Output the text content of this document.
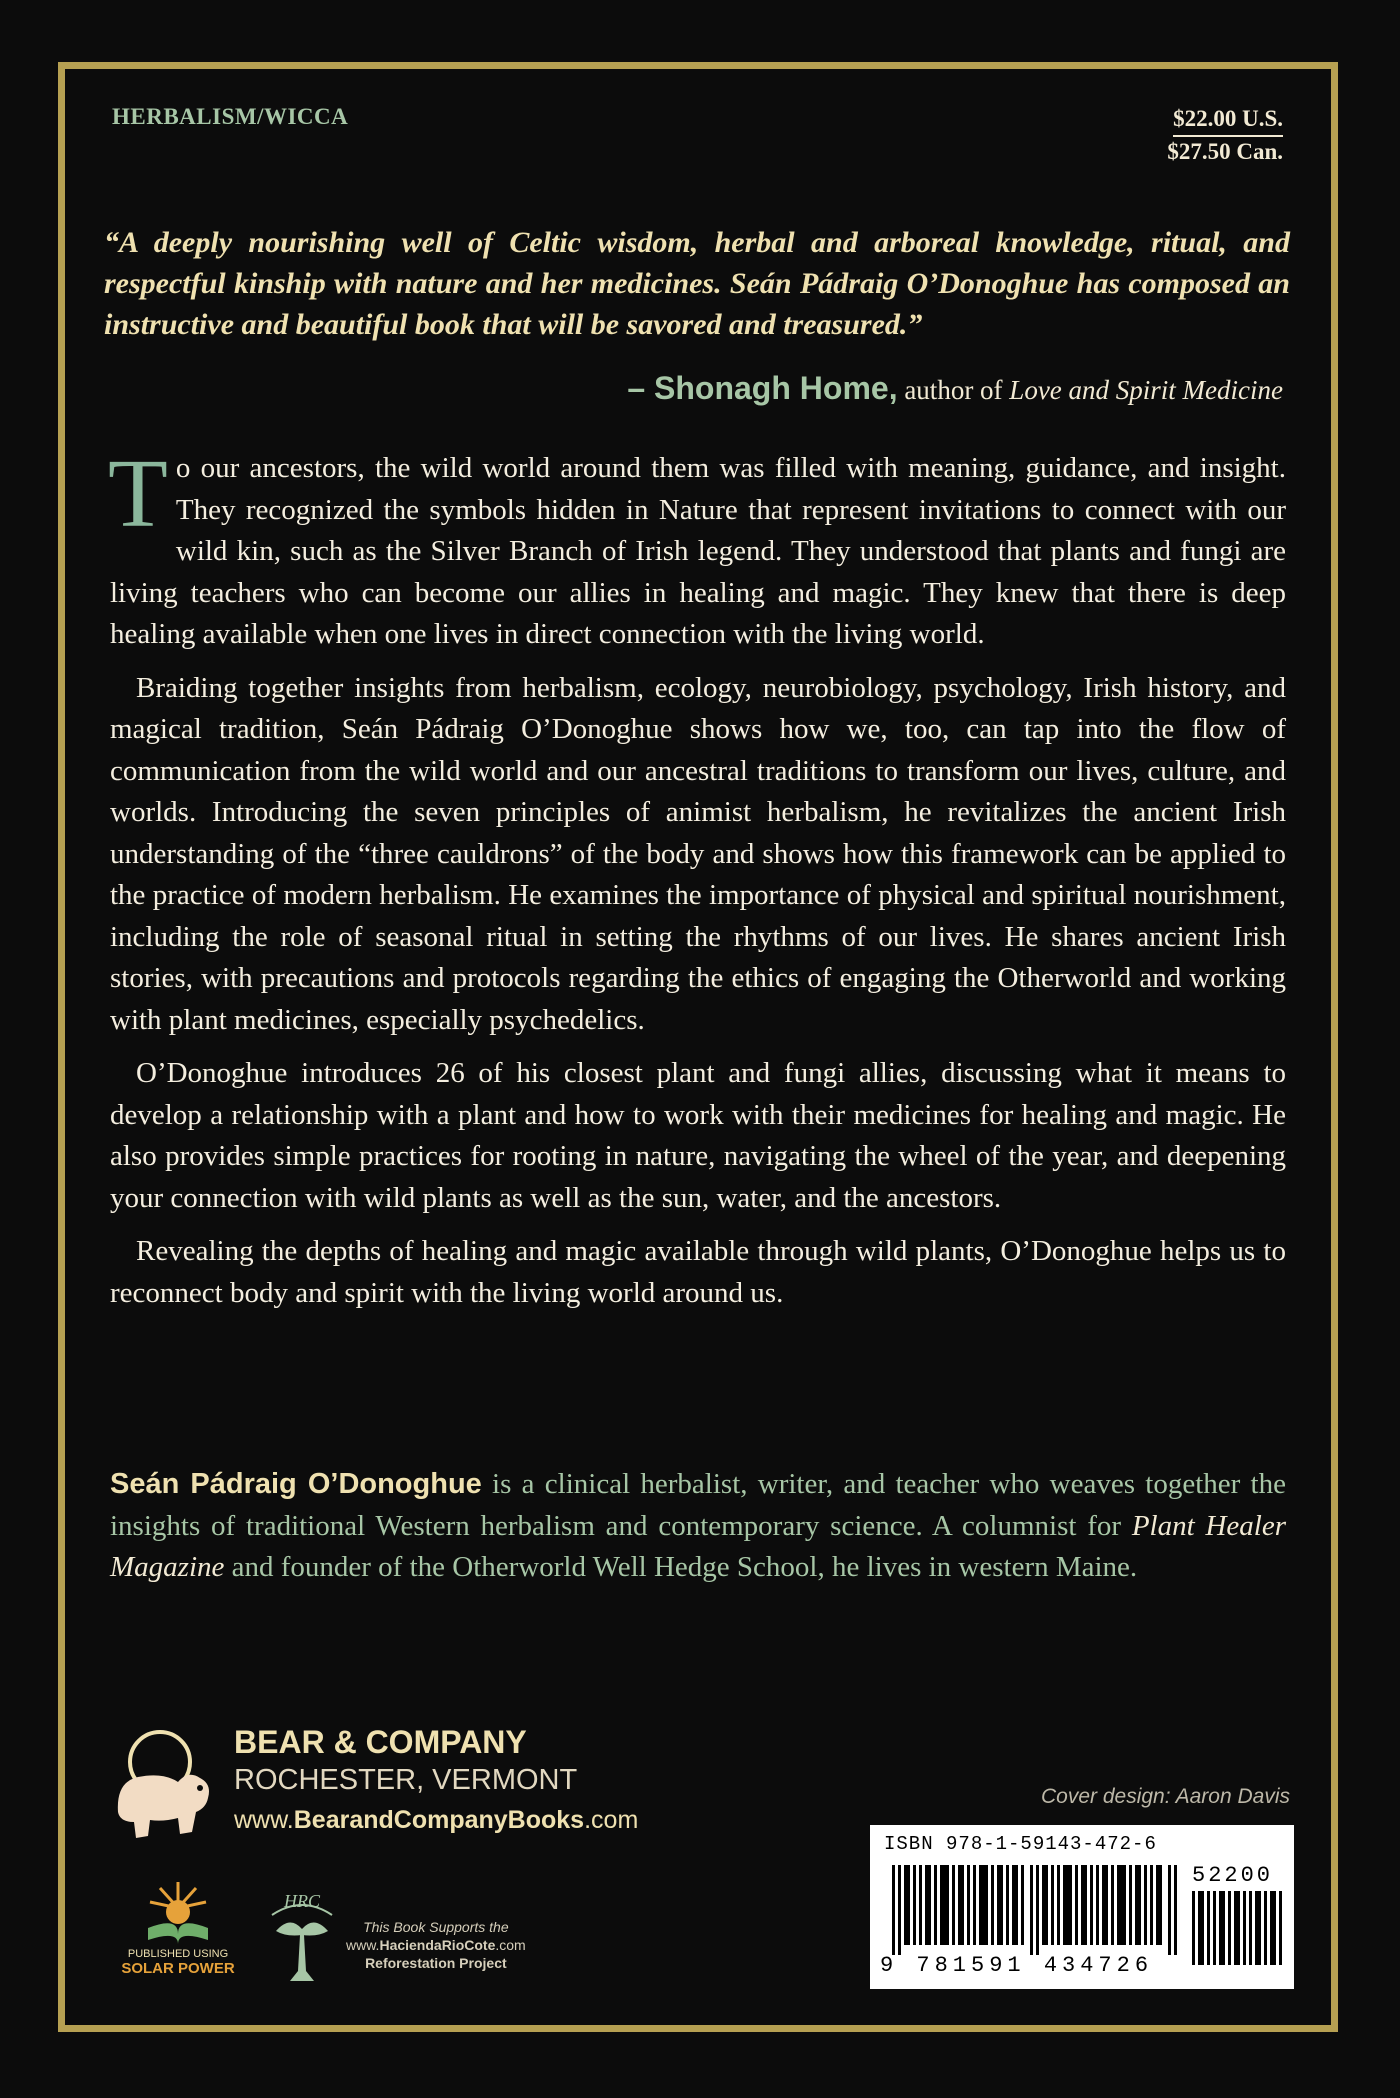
HERBALISM/WICCA	$22.00 U.S.
$27.50 Can.
“A deeply nourishing well of Celtic wisdom, herbal and arboreal knowledge, ritual, and respectful kinship with nature and her medicines. Seán Pádraig O’Donoghue has composed an instructive and beautiful book that will be savored and treasured.”
– Shonagh Home, author of Love and Spirit Medicine

To our ancestors, the wild world around them was filled with meaning, guidance, and insight. They recognized the symbols hidden in Nature that represent invitations to connect with our wild kin, such as the Silver Branch of Irish legend. They understood that plants and fungi are living teachers who can become our allies in healing and magic. They knew that there is deep healing available when one lives in direct connection with the living world.

Braiding together insights from herbalism, ecology, neurobiology, psychology, Irish history, and magical tradition, Seán Pádraig O’Donoghue shows how we, too, can tap into the flow of communication from the wild world and our ancestral traditions to transform our lives, culture, and worlds. Introducing the seven principles of animist herbalism, he revitalizes the ancient Irish understanding of the “three cauldrons” of the body and shows how this framework can be applied to the practice of modern herbalism. He examines the importance of physical and spiritual nourishment, including the role of seasonal ritual in setting the rhythms of our lives. He shares ancient Irish stories, with precautions and protocols regarding the ethics of engaging the Otherworld and working with plant medicines, especially psychedelics.

O’Donoghue introduces 26 of his closest plant and fungi allies, discussing what it means to develop a relationship with a plant and how to work with their medicines for healing and magic. He also provides simple practices for rooting in nature, navigating the wheel of the year, and deepening your connection with wild plants as well as the sun, water, and the ancestors.

Revealing the depths of healing and magic available through wild plants, O’Donoghue helps us to reconnect body and spirit with the living world around us.

Seán Pádraig O’Donoghue is a clinical herbalist, writer, and teacher who weaves together the insights of traditional Western herbalism and contemporary science. A columnist for Plant Healer Magazine and founder of the Otherworld Well Hedge School, he lives in western Maine.
BEAR & COMPANY
ROCHESTER, VERMONT
www.BearandCompanyBooks.com
Cover design: Aaron Davis
ISBN 978-1-59143-472-6
52200
9 781591 434726
PUBLISHED USING
SOLAR POWER
HRC
This Book Supports the
www.HaciendaRioCote.com
Reforestation Project
